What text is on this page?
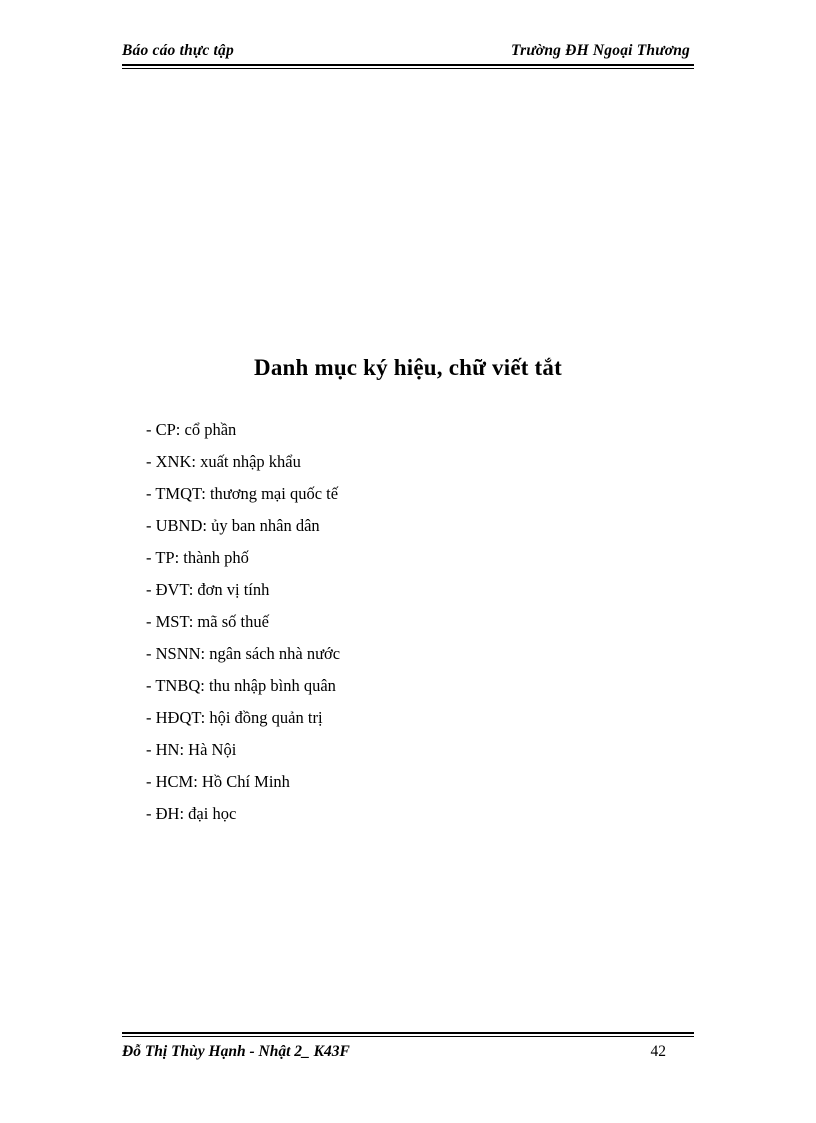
Báo cáo thực tập	Trường ĐH Ngoại Thương
Danh mục ký hiệu, chữ viết tắt
- CP: cổ phần
- XNK: xuất nhập khẩu
- TMQT: thương mại quốc tế
- UBND: ủy ban nhân dân
- TP: thành phố
- ĐVT: đơn vị tính
- MST: mã số thuế
- NSNN: ngân sách nhà nước
- TNBQ: thu nhập bình quân
- HĐQT: hội đồng quản trị
- HN: Hà Nội
- HCM: Hồ Chí Minh
- ĐH: đại học
Đỗ Thị Thùy Hạnh - Nhật 2_ K43F	42
